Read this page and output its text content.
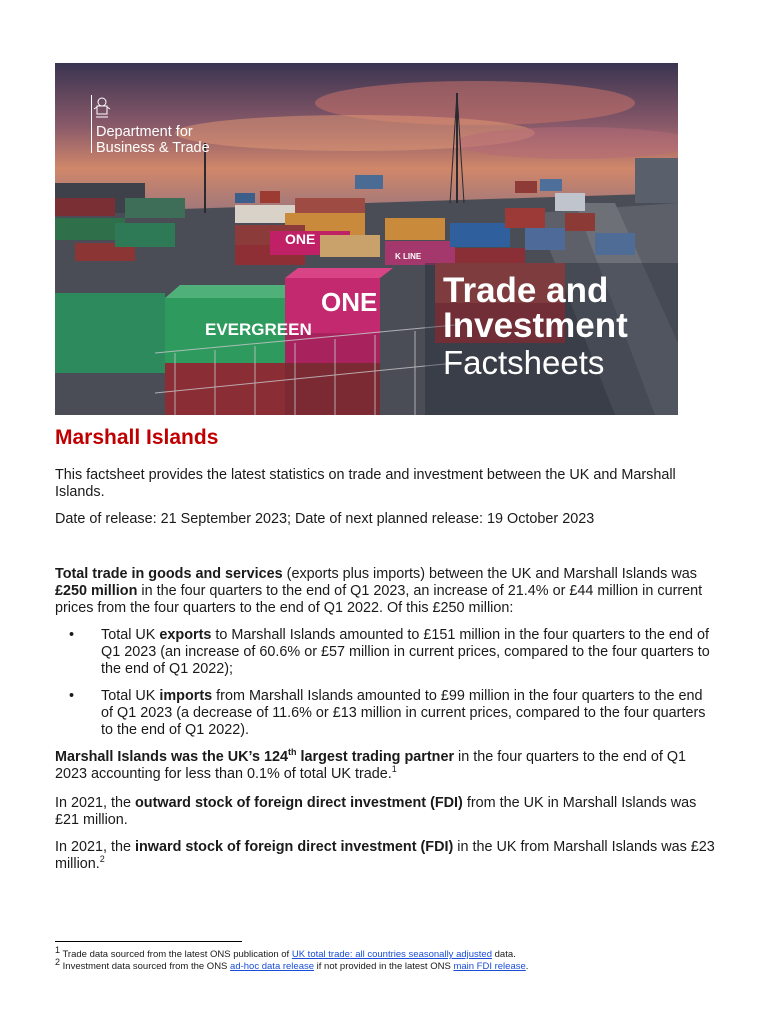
EVERGREEN
ONE
ONE
K LINE
Department for
Business & Trade
Trade and
Investment
Factsheets
Marshall Islands

This factsheet provides the latest statistics on trade and investment between the UK and Marshall Islands.

Date of release: 21 September 2023; Date of next planned release: 19 October 2023

Total trade in goods and services (exports plus imports) between the UK and Marshall Islands was £250 million in the four quarters to the end of Q1 2023, an increase of 21.4% or £44 million in current prices from the four quarters to the end of Q1 2022. Of this £250 million:

• Total UK exports to Marshall Islands amounted to £151 million in the four quarters to the end of Q1 2023 (an increase of 60.6% or £57 million in current prices, compared to the four quarters to the end of Q1 2022);
• Total UK imports from Marshall Islands amounted to £99 million in the four quarters to the end of Q1 2023 (a decrease of 11.6% or £13 million in current prices, compared to the four quarters to the end of Q1 2022).

Marshall Islands was the UK’s 124th largest trading partner in the four quarters to the end of Q1 2023 accounting for less than 0.1% of total UK trade.$^1$

In 2021, the outward stock of foreign direct investment (FDI) from the UK in Marshall Islands was £21 million.

In 2021, the inward stock of foreign direct investment (FDI) in the UK from Marshall Islands was £23 million.$^2$

$^1$ Trade data sourced from the latest ONS publication of UK total trade: all countries seasonally adjusted data.
$^2$ Investment data sourced from the ONS ad-hoc data release if not provided in the latest ONS main FDI release.
